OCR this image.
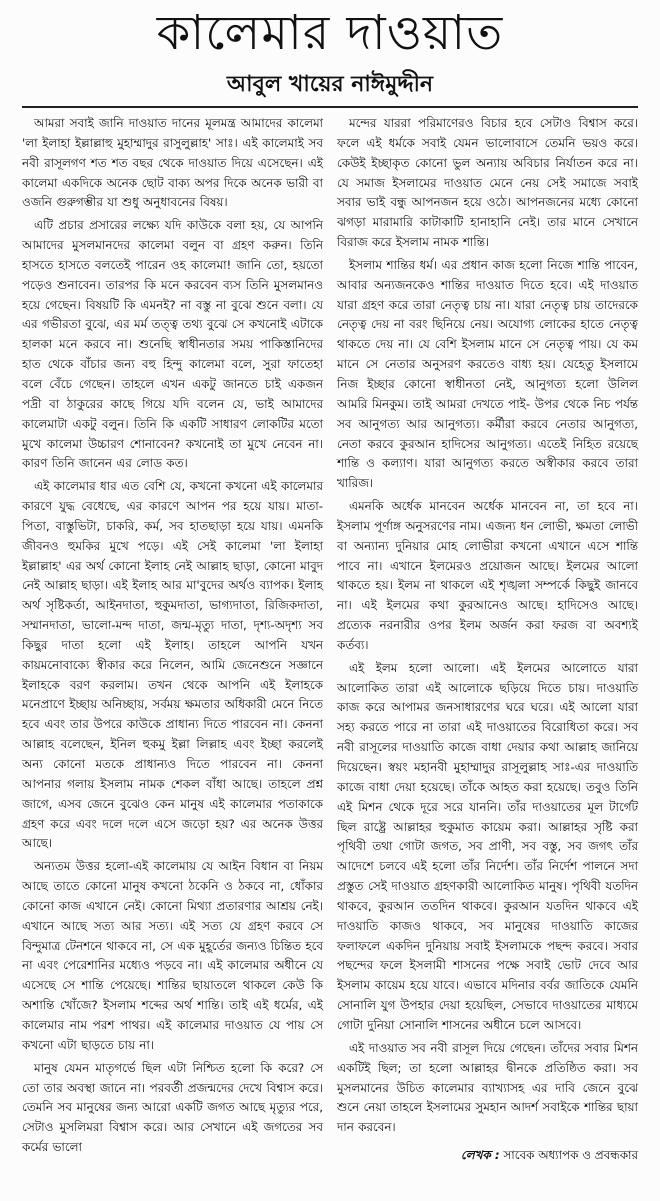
কালেমার দাওয়াত
আবুল খায়ের নাঈমুদ্দীন

আমরা সবাই জানি দাওয়াত দানের মূলমন্ত্র আমাদের কালেমা 'লা ইলাহা ইল্লাল্লাহু মুহাম্মাদুর রাসুলুল্লাহ' সাঃ। এই কালেমাই সব নবী রাসূলগণ শত শত বছর থেকে দাওয়াত দিয়ে এসেছেন। এই কালেমা একদিকে অনেক ছোট বাক্য অপর দিকে অনেক ভারী বা ওজনি গুরুগম্ভীর যা শুধু অনুধাবনের বিষয়।

এটি প্রচার প্রসারের লক্ষ্যে যদি কাউকে বলা হয়, যে আপনি আমাদের মুসলমানদের কালেমা বলুন বা গ্রহণ করুন। তিনি হাসতে হাসতে বলতেই পারেন ওহ কালেমা! জানি তো, হয়তো পড়েও শুনাবেন। তারপর কি মনে করবেন ব্যস তিনি মুসলমানও হয়ে গেছেন। বিষয়টি কি এমনই? না বস্তু না বুঝে শুনে বলা। যে এর গভীরতা বুঝে, এর মর্ম তত্ত্ব তথ্য বুঝে সে কখনোই এটাকে হালকা মনে করবে না। শুনেছি স্বাধীনতার সময় পাকিস্তানিদের হাত থেকে বাঁচার জন্য বহু হিন্দু কালেমা বলে, সুরা ফাতেহা বলে বেঁচে গেছেন। তাহলে এখন একটু জানতে চাই একজন পদ্রী বা ঠাকুরের কাছে গিয়ে যদি বলেন যে, ভাই আমাদের কালেমাটা একটু বলুন। তিনি কি একটি সাধারণ লোকটির মতো মুখে কালেমা উচ্চারণ শোনাবেন? কখনোই তা মুখে নেবেন না। কারণ তিনি জানেন এর লোড কত।

এই কালেমার ধার এত বেশি যে, কখনো কখনো এই কালেমার কারণে যুদ্ধ বেধেছে, এর কারণে আপন পর হয়ে যায়। মাতা-পিতা, বাস্তুভিটা, চাকরি, কর্ম, সব হাতছাড়া হয়ে যায়। এমনকি জীবনও হুমকির মুখে পড়ে। এই সেই কালেমা 'লা ইলাহা ইল্লাল্লাহ' এর অর্থ কোনো ইলাহ নেই আল্লাহ ছাড়া, কোনো মাবুদ নেই আল্লাহ ছাড়া। এই ইলাহ আর মা'বুদের অর্থও ব্যাপক। ইলাহ অর্থ সৃষ্টিকর্তা, আইনদাতা, হুকুমদাতা, ভাগ্যদাতা, রিজিকদাতা, সম্মানদাতা, ভালো-মন্দ দাতা, জন্ম-মৃত্যু দাতা, দৃশ্য-অদৃশ্য সব কিছুর দাতা হলো এই ইলাহ। তাহলে আপনি যখন কায়মনোবাক্যে স্বীকার করে নিলেন, আমি জেনেশুনে সজ্ঞানে ইলাহকে বরণ করলাম। তখন থেকে আপনি এই ইলাহকে মনেপ্রাণে ইচ্ছায় অনিচ্ছায়, সর্বময় ক্ষমতার অধিকারী মেনে নিতে হবে এবং তার উপরে কাউকে প্রাধান্য দিতে পারবেন না। কেননা আল্লাহ বলেছেন, ইনিল হুকমু ইল্লা লিল্লাহ এবং ইচ্ছা করলেই অন্য কোনো মতকে প্রাধান্যও দিতে পারবেন না। কেননা আপনার গলায় ইসলাম নামক শেকল বাঁধা আছে। তাহলে প্রশ্ন জাগে, এসব জেনে বুঝেও কেন মানুষ এই কালেমার পতাকাকে গ্রহণ করে এবং দলে দলে এসে জড়ো হয়? এর অনেক উত্তর আছে।

অন্যতম উত্তর হলো-এই কালেমায় যে আইন বিধান বা নিয়ম আছে তাতে কোনো মানুষ কখনো ঠকেনি ও ঠকবে না, ধোঁকার কোনো কাজ এখানে নেই। কোনো মিথ্যা প্রতারণার আশ্রয় নেই। এখানে আছে সত্য আর সত্য। এই সত্য যে গ্রহণ করবে সে বিন্দুমাত্র টেনশনে থাকবে না, সে এক মুহূর্তের জন্যও চিন্তিত হবে না এবং পেরেশানির মধ্যেও পড়বে না। এই কালেমার অধীনে যে এসেছে সে শান্তি পেয়েছে। শান্তির ছায়াতলে থাকলে কেউ কি অশান্তি খোঁজে? ইসলাম শব্দের অর্থ শান্তি। তাই এই ধর্মের, এই কালেমার নাম পরশ পাথর। এই কালেমার দাওয়াত যে পায় সে কখনো এটা ছাড়তে চায় না।

মানুষ যেমন মাতৃগর্ভে ছিল এটা নিশ্চিত হলো কি করে? সে তো তার অবস্থা জানে না। পরবর্তী প্রজন্মদের দেখে বিশ্বাস করে। তেমনি সব মানুষের জন্য আরো একটি জগত আছে মৃত্যুর পরে, সেটাও মুসলিমরা বিশ্বাস করে। আর সেখানে এই জগতের সব কর্মের ভালো

মন্দের যাররা পরিমাণেরও বিচার হবে সেটাও বিশ্বাস করে। ফলে এই ধর্মকে সবাই যেমন ভালোবাসে তেমনি ভয়ও করে। কেউই ইচ্ছাকৃত কোনো ভুল অন্যায় অবিচার নির্যাতন করে না। যে সমাজ ইসলামের দাওয়াত মেনে নেয় সেই সমাজে সবাই সবার ভাই বন্ধু আপনজন হয়ে ওঠে। আপনজনের মধ্যে কোনো ঝগড়া মারামারি কাটাকাটি হানাহানি নেই। তার মানে সেখানে বিরাজ করে ইসলাম নামক শান্তি।

ইসলাম শান্তির ধর্ম। এর প্রধান কাজ হলো নিজে শান্তি পাবেন, আবার অন্যজনকেও শান্তির দাওয়াত দিতে হবে। এই দাওয়াত যারা গ্রহণ করে তারা নেতৃত্ব চায় না। যারা নেতৃত্ব চায় তাদেরকে নেতৃত্ব দেয় না বরং ছিনিয়ে নেয়। অযোগ্য লোকের হাতে নেতৃত্ব থাকতে দেয় না। যে বেশি ইসলাম মানে সে নেতৃত্ব পায়। যে কম মানে সে নেতার অনুসরণ করতেও বাধ্য হয়। যেহেতু ইসলামে নিজ ইচ্ছার কোনো স্বাধীনতা নেই, আনুগত্য হলো উলিল আমরি মিনকুম। তাই আমরা দেখতে পাই- উপর থেকে নিচ পর্যন্ত সব আনুগত্য আর আনুগত্য। কর্মীরা করবে নেতার আনুগত্য, নেতা করবে কুরআন হাদিসের আনুগত্য। এতেই নিহিত রয়েছে শান্তি ও কল্যাণ। যারা আনুগত্য করতে অস্বীকার করবে তারা খারিজ।

এমনকি অর্ধেক মানবেন অর্ধেক মানবেন না, তা হবে না। ইসলাম পূর্ণাঙ্গ অনুসরণের নাম। এজন্য ধন লোভী, ক্ষমতা লোভী বা অন্যান্য দুনিয়ার মোহ লোভীরা কখনো এখানে এসে শান্তি পাবে না। এখানে ইলমেরও প্রয়োজন আছে। ইলমের আলো থাকতে হয়। ইলম না থাকলে এই শৃঙ্খলা সম্পর্কে কিছুই জানবে না। এই ইলমের কথা কুরআনেও আছে। হাদিসেও আছে। প্রত্যেক নরনারীর ওপর ইলম অর্জন করা ফরজ বা অবশ্যই কর্তব্য।

এই ইলম হলো আলো। এই ইলমের আলোতে যারা আলোকিত তারা এই আলোকে ছড়িয়ে দিতে চায়। দাওয়াতি কাজ করে আপামর জনসাধারণের ঘরে ঘরে। এই আলো যারা সহ্য করতে পারে না তারা এই দাওয়াতের বিরোধিতা করে। সব নবী রাসূলের দাওয়াতি কাজে বাধা দেয়ার কথা আল্লাহ জানিয়ে দিয়েছেন। স্বয়ং মহানবী মুহাম্মাদুর রাসূলুল্লাহ সাঃ-এর দাওয়াতি কাজে বাধা দেয়া হয়েছে। তাঁকে আহত করা হয়েছে। তবুও তিনি এই মিশন থেকে দূরে সরে যাননি। তাঁর দাওয়াতের মূল টার্গেট ছিল রাষ্ট্রে আল্লাহর হুকুমাত কায়েম করা। আল্লাহর সৃষ্টি করা পৃথিবী তথা গোটা জগত, সব প্রাণী, সব বস্তু, সব জগৎ তাঁর আদেশে চলবে এই হলো তাঁর নির্দেশ। তাঁর নির্দেশ পালনে সদা প্রস্তুত সেই দাওয়াত গ্রহণকারী আলোকিত মানুষ। পৃথিবী যতদিন থাকবে, কুরআন ততদিন থাকবে। কুরআন যতদিন থাকবে এই দাওয়াতি কাজও থাকবে, সব মানুষের দাওয়াতি কাজের ফলাফলে একদিন দুনিয়ায় সবাই ইসলামকে পছন্দ করবে। সবার পছন্দের ফলে ইসলামী শাসনের পক্ষে সবাই ভোট দেবে আর ইসলাম কায়েম হয়ে যাবে। এভাবে মদিনার বর্বর জাতিকে যেমনি সোনালি যুগ উপহার দেয়া হয়েছিল, সেভাবে দাওয়াতের মাধ্যমে গোটা দুনিয়া সোনালি শাসনের অধীনে চলে আসবে।

এই দাওয়াত সব নবী রাসূল দিয়ে গেছেন। তাঁদের সবার মিশন একটিই ছিল; তা হলো আল্লাহর দ্বীনকে প্রতিষ্ঠিত করা। সব মুসলমানের উচিত কালেমার ব্যাখ্যাসহ এর দাবি জেনে বুঝে শুনে নেয়া তাহলে ইসলামের সুমহান আদর্শ সবাইকে শান্তির ছায়া দান করবেন।

লেখক : সাবেক অধ্যাপক ও প্রবন্ধকার
